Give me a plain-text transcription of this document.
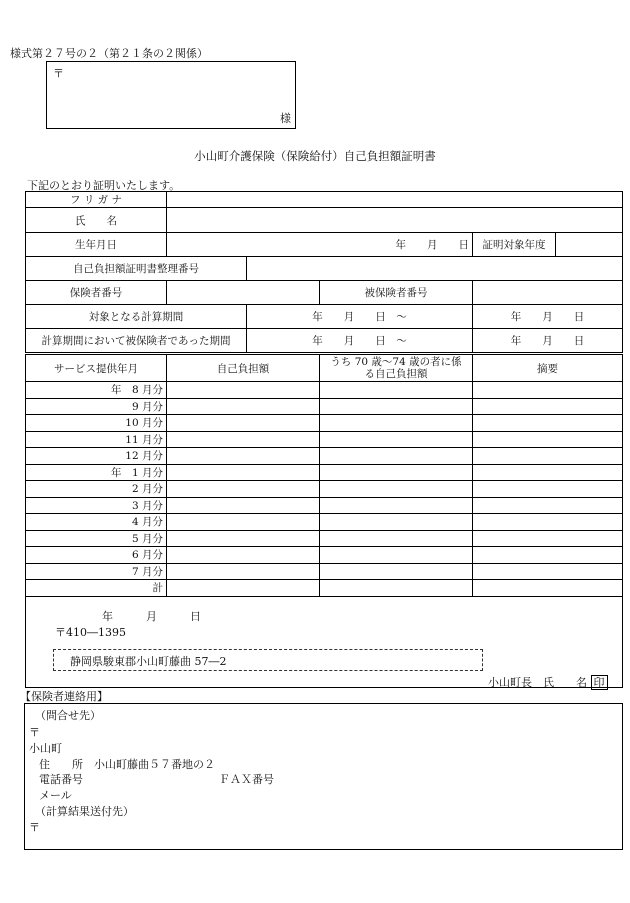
様式第２７号の２（第２１条の２関係）
〒
様
小山町介護保険（保険給付）自己負担額証明書
下記のとおり証明いたします。
フ リ ガ ナ					
氏　　名					
生年月日	年　　月　　日			証明対象年度	
自己負担額証明書整理番号					
保険者番号			被保険者番号		
対象となる計算期間		年　　月　　日　〜		年　　月　　日	
計算期間において被保険者であった期間		年　　月　　日　〜		年　　月　　日	
サービス提供年月	自己負担額	うち 70 歳〜74 歳の者に係る自己負担額	摘要
年　8 月分			
9 月分			
10 月分			
11 月分			
12 月分			
年　1 月分			
2 月分			
3 月分			
4 月分			
5 月分			
6 月分			
7 月分			
計			
年　　　月　　　日
〒410―1395
静岡県駿東郡小山町藤曲 57―2
小山町長　氏　　名 印
【保険者連絡用】
（問合せ先）
〒
小山町
住　　所　小山町藤曲５７番地の２
電話番号	ＦＡＸ番号
メール
（計算結果送付先）
〒
